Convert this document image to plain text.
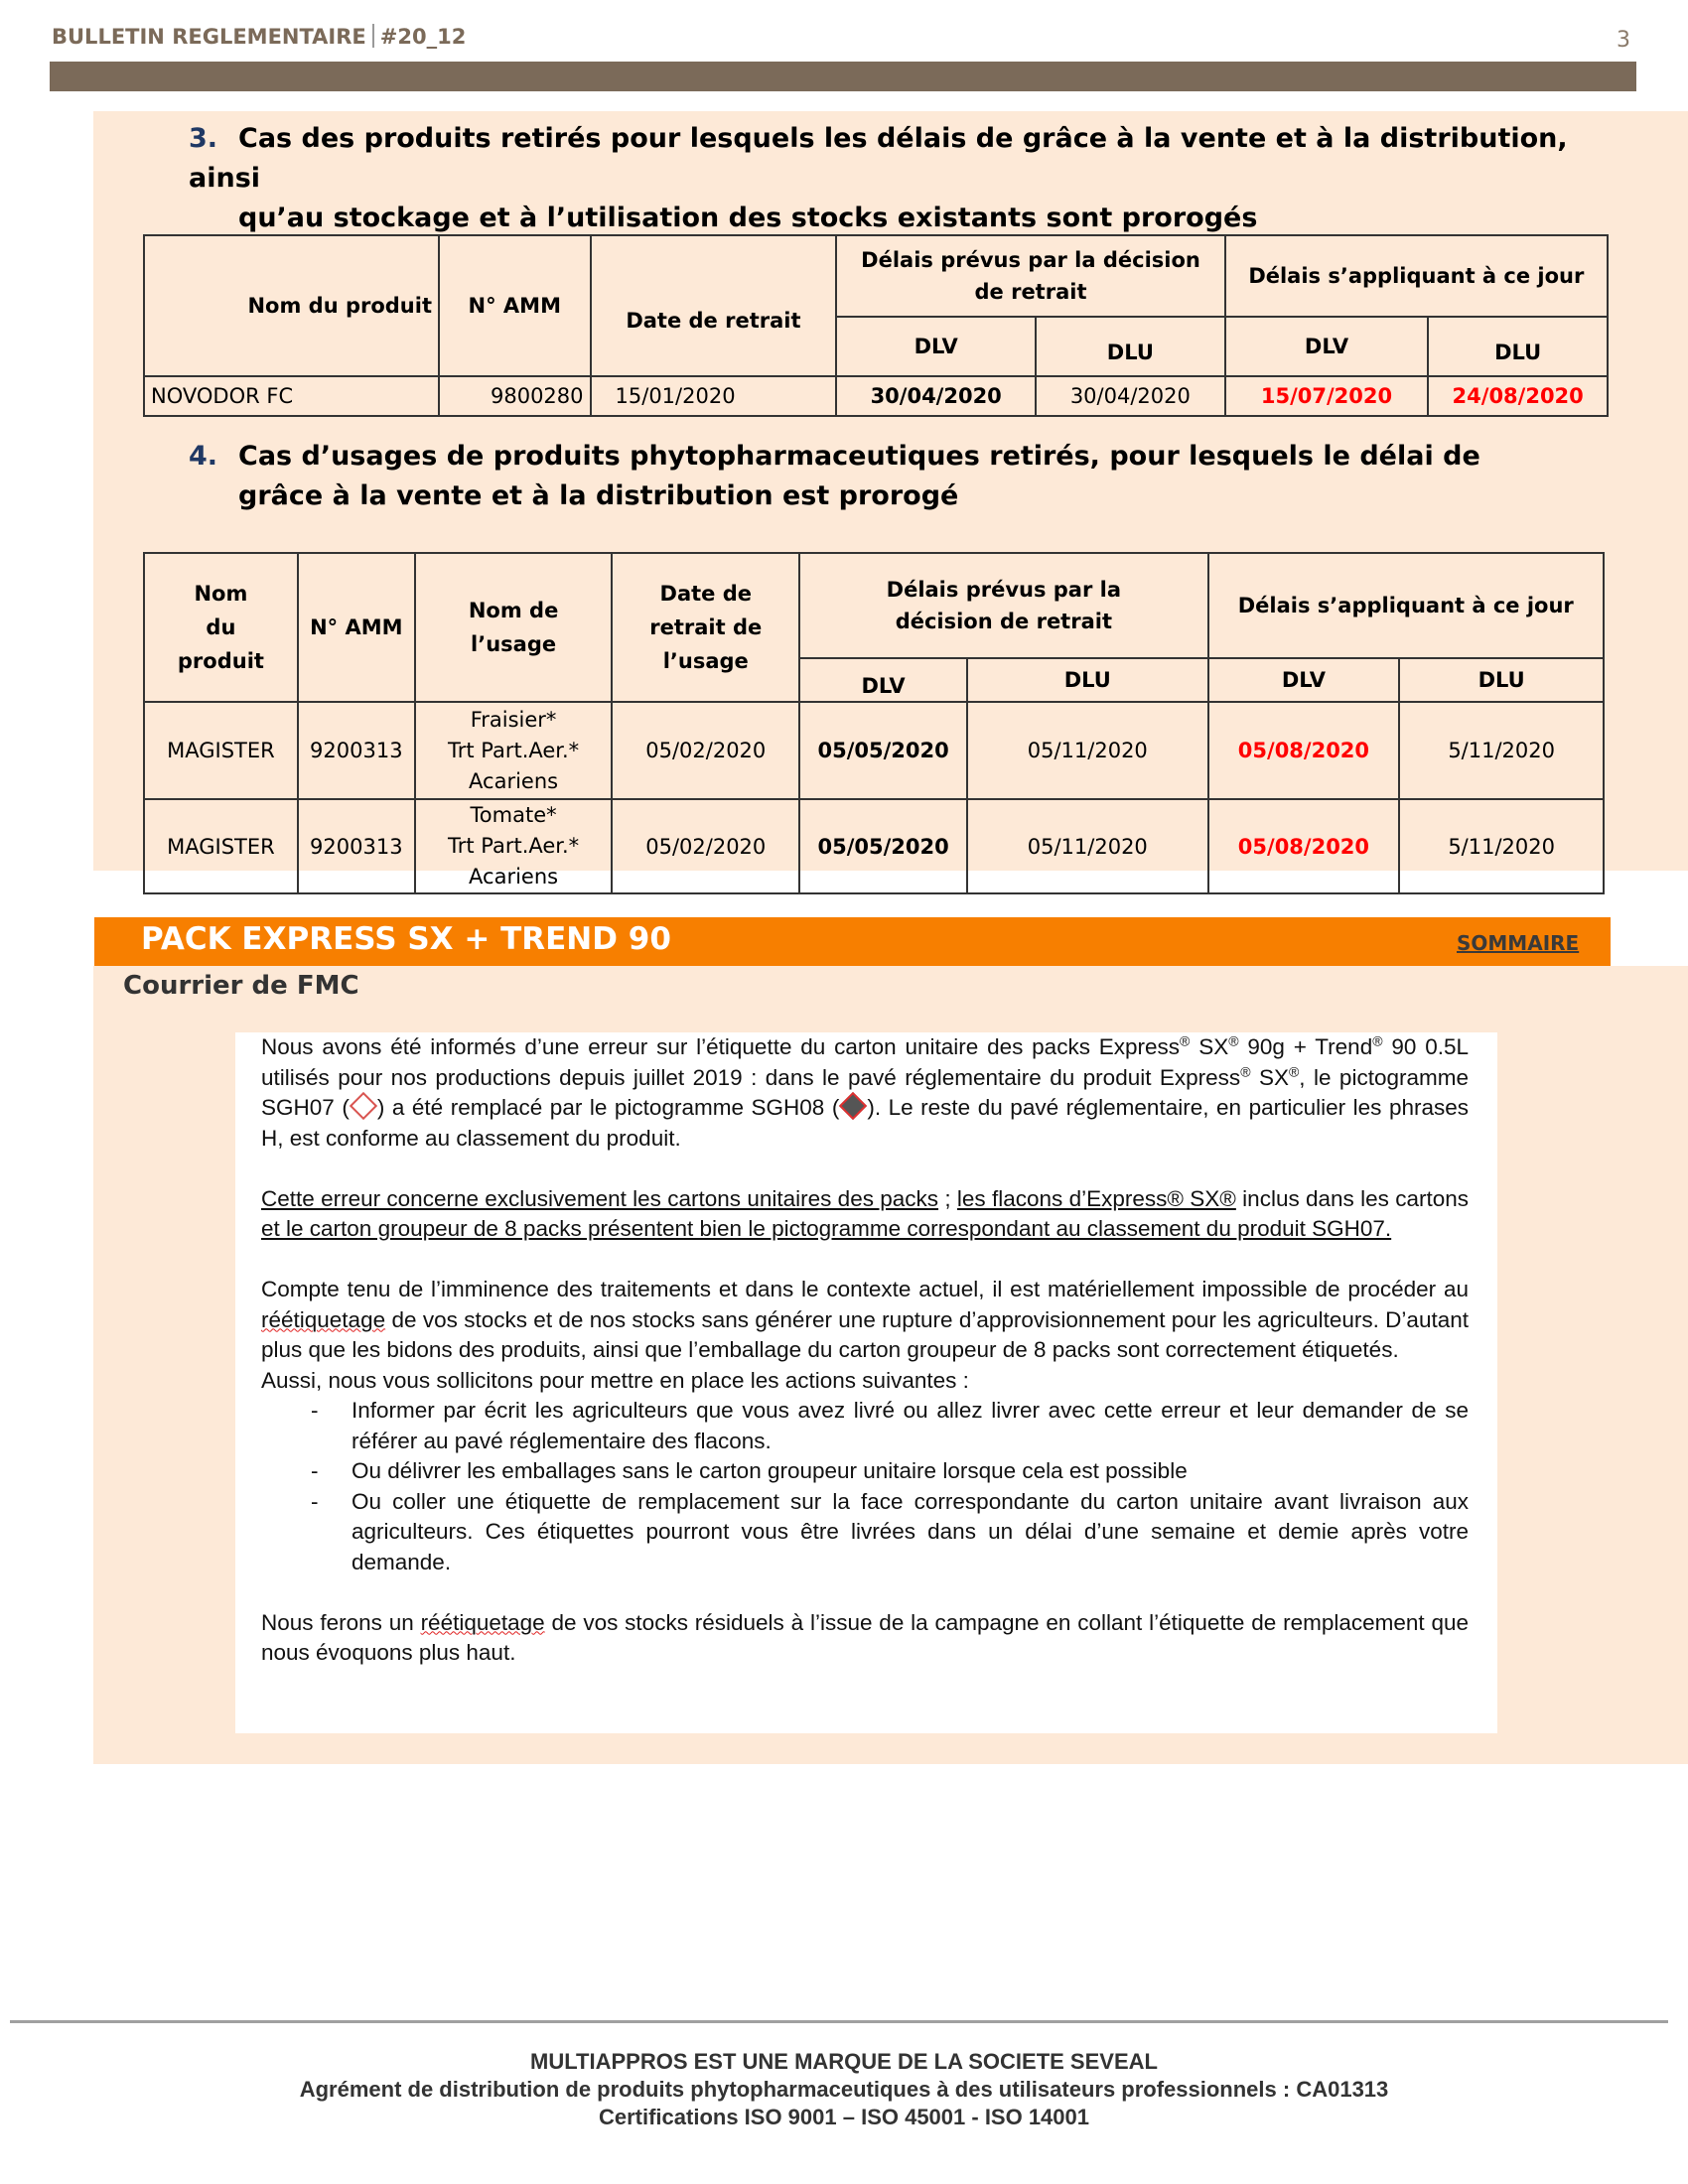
BULLETIN REGLEMENTAIRE #20_12	3
3. Cas des produits retirés pour lesquels les délais de grâce à la vente et à la distribution, ainsi
qu’au stockage et à l’utilisation des stocks existants sont prorogés
Nom du produit	N° AMM	Date de retrait	Délais prévus par la décision de retrait		Délais s’appliquant à ce jour	
			DLV	DLU	DLV	DLU
NOVODOR FC	9800280	15/01/2020	30/04/2020	30/04/2020	15/07/2020	24/08/2020
4. Cas d’usages de produits phytopharmaceutiques retirés, pour lesquels le délai de
grâce à la vente et à la distribution est prorogé
Nom
du
produit	N° AMM	Nom de
l’usage	Date de
retrait de
l’usage	Délais prévus par la
décision de retrait		Délais s’appliquant à ce jour	
				DLV	DLU	DLV	DLU
MAGISTER	9200313	Fraisier*
Trt Part.Aer.*
Acariens	05/02/2020	05/05/2020	05/11/2020	05/08/2020	5/11/2020
MAGISTER	9200313	Tomate*
Trt Part.Aer.*
Acariens	05/02/2020	05/05/2020	05/11/2020	05/08/2020	5/11/2020
PACK EXPRESS SX + TREND 90	SOMMAIRE
Courrier de FMC

Nous avons été informés d’une erreur sur l’étiquette du carton unitaire des packs Express® SX® 90g + Trend® 90 0.5L utilisés pour nos productions depuis juillet 2019 : dans le pavé réglementaire du produit Express® SX®, le pictogramme SGH07 ( ) a été remplacé par le pictogramme SGH08 ( ). Le reste du pavé réglementaire, en particulier les phrases H, est conforme au classement du produit.

Cette erreur concerne exclusivement les cartons unitaires des packs ; les flacons d’Express® SX® inclus dans les cartons et le carton groupeur de 8 packs présentent bien le pictogramme correspondant au classement du produit SGH07.

Compte tenu de l’imminence des traitements et dans le contexte actuel, il est matériellement impossible de procéder au réétiquetage de vos stocks et de nos stocks sans générer une rupture d’approvisionnement pour les agriculteurs. D’autant plus que les bidons des produits, ainsi que l’emballage du carton groupeur de 8 packs sont correctement étiquetés.

Aussi, nous vous sollicitons pour mettre en place les actions suivantes :

- Informer par écrit les agriculteurs que vous avez livré ou allez livrer avec cette erreur et leur demander de se référer au pavé réglementaire des flacons.
- Ou délivrer les emballages sans le carton groupeur unitaire lorsque cela est possible
- Ou coller une étiquette de remplacement sur la face correspondante du carton unitaire avant livraison aux agriculteurs. Ces étiquettes pourront vous être livrées dans un délai d’une semaine et demie après votre demande.

Nous ferons un réétiquetage de vos stocks résiduels à l’issue de la campagne en collant l’étiquette de remplacement que nous évoquons plus haut.

MULTIAPPROS EST UNE MARQUE DE LA SOCIETE SEVEAL
Agrément de distribution de produits phytopharmaceutiques à des utilisateurs professionnels : CA01313
Certifications ISO 9001 – ISO 45001 - ISO 14001
